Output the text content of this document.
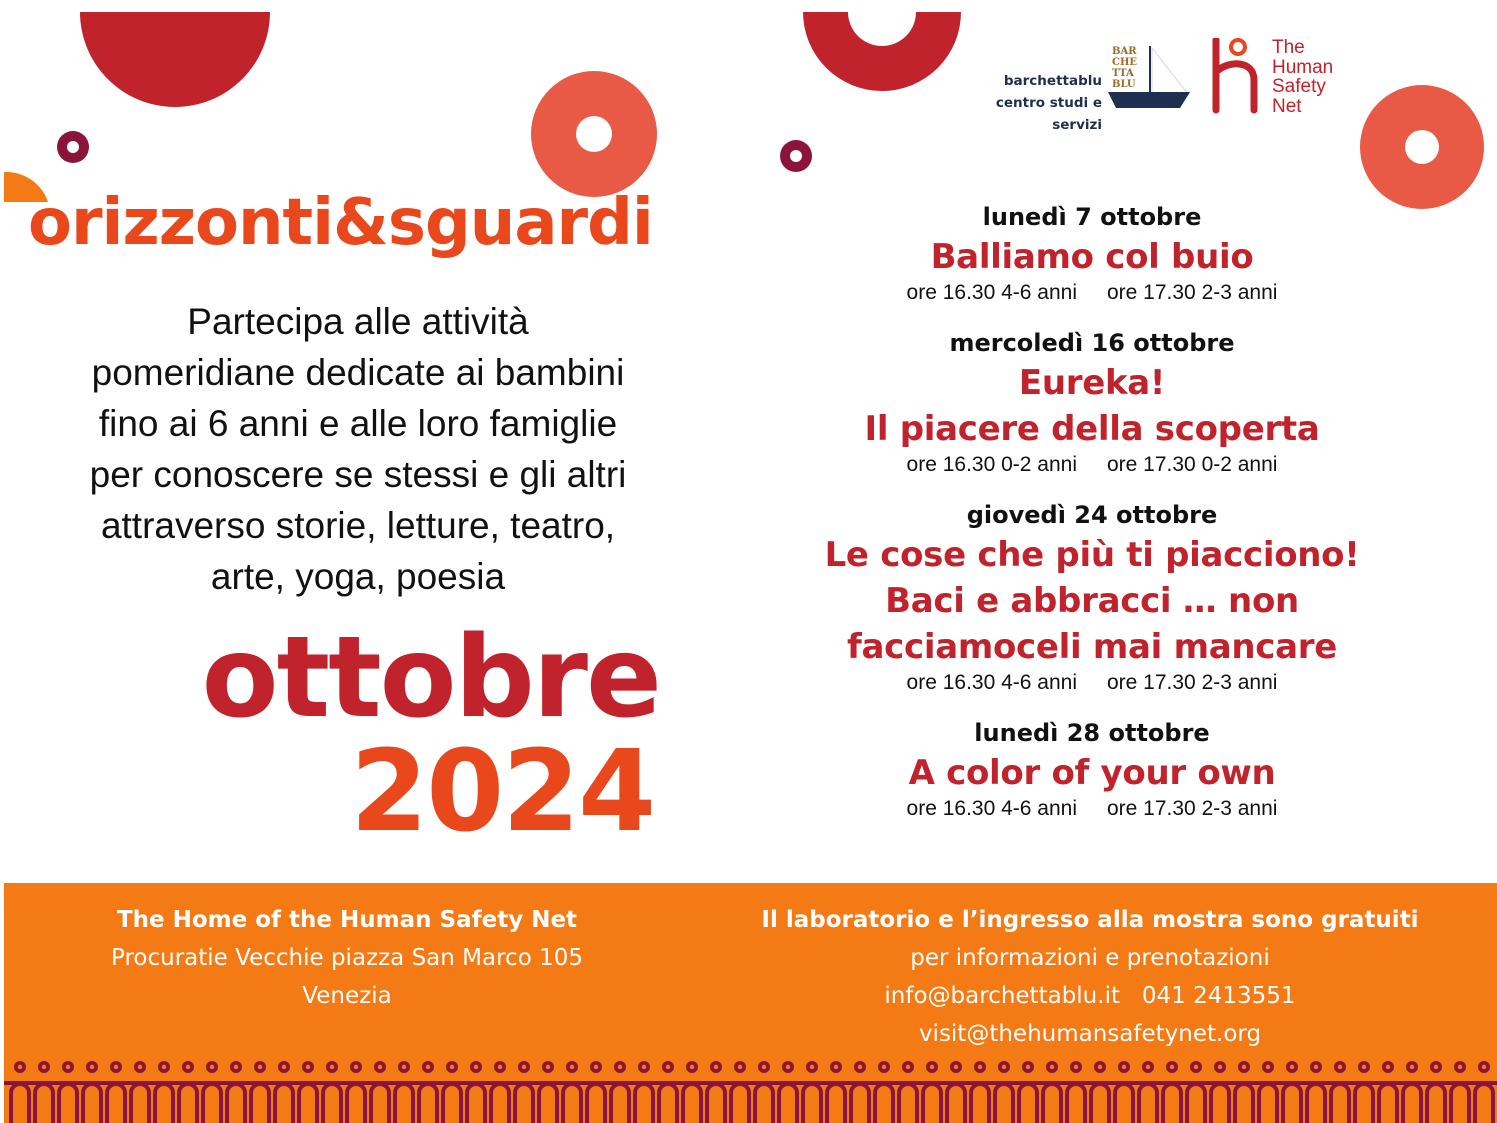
barchettablu
centro studi e servizi
BAR
CHE
TTA
BLU
The
Human
Safety
Net
orizzonti&sguardi
Partecipa alle attività
pomeridiane dedicate ai bambini
fino ai 6 anni e alle loro famiglie
per conoscere se stessi e gli altri
attraverso storie, letture, teatro,
arte, yoga, poesia
ottobre
2024
lunedì 7 ottobre
Balliamo col buio
ore 16.30 4-6 anni ore 17.30 2-3 anni
mercoledì 16 ottobre
Eureka!
Il piacere della scoperta
ore 16.30 0-2 anni ore 17.30 0-2 anni
giovedì 24 ottobre
Le cose che più ti piacciono!
Baci e abbracci … non
facciamoceli mai mancare
ore 16.30 4-6 anni ore 17.30 2-3 anni
lunedì 28 ottobre
A color of your own
ore 16.30 4-6 anni ore 17.30 2-3 anni
The Home of the Human Safety Net
Procuratie Vecchie piazza San Marco 105
Venezia
Il laboratorio e l’ingresso alla mostra sono gratuiti
per informazioni e prenotazioni
info@barchettablu.it 041 2413551
visit@thehumansafetynet.org
